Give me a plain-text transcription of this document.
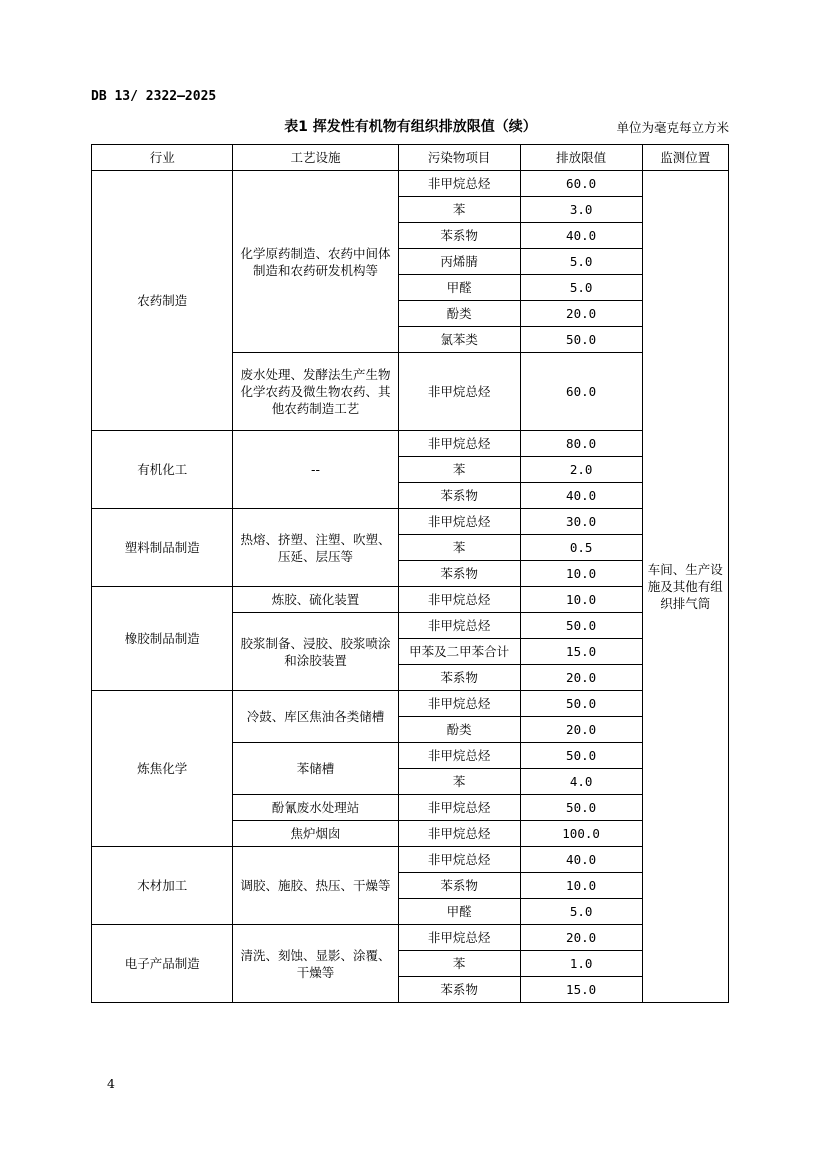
DB 13/ 2322—2025
表1 挥发性有机物有组织排放限值（续）	单位为毫克每立方米
行业	工艺设施	污染物项目	排放限值	监测位置
农药制造	化学原药制造、农药中间体制造和农药研发机构等	非甲烷总烃	60.0	车间、生产设施及其他有组织排气筒
		苯	3.0	
		苯系物	40.0	
		丙烯腈	5.0	
		甲醛	5.0	
		酚类	20.0	
		氯苯类	50.0	
	废水处理、发酵法生产生物化学农药及微生物农药、其他农药制造工艺	非甲烷总烃	60.0	
有机化工	--	非甲烷总烃	80.0	
		苯	2.0	
		苯系物	40.0	
塑料制品制造	热熔、挤塑、注塑、吹塑、压延、层压等	非甲烷总烃	30.0	
		苯	0.5	
		苯系物	10.0	
橡胶制品制造	炼胶、硫化装置	非甲烷总烃	10.0	
	胶浆制备、浸胶、胶浆喷涂和涂胶装置	非甲烷总烃	50.0	
		甲苯及二甲苯合计	15.0	
		苯系物	20.0	
炼焦化学	冷鼓、库区焦油各类储槽	非甲烷总烃	50.0	
		酚类	20.0	
	苯储槽	非甲烷总烃	50.0	
		苯	4.0	
	酚氰废水处理站	非甲烷总烃	50.0	
	焦炉烟囱	非甲烷总烃	100.0	
木材加工	调胶、施胶、热压、干燥等	非甲烷总烃	40.0	
		苯系物	10.0	
		甲醛	5.0	
电子产品制造	清洗、刻蚀、显影、涂覆、干燥等	非甲烷总烃	20.0	
		苯	1.0	
		苯系物	15.0	
4
